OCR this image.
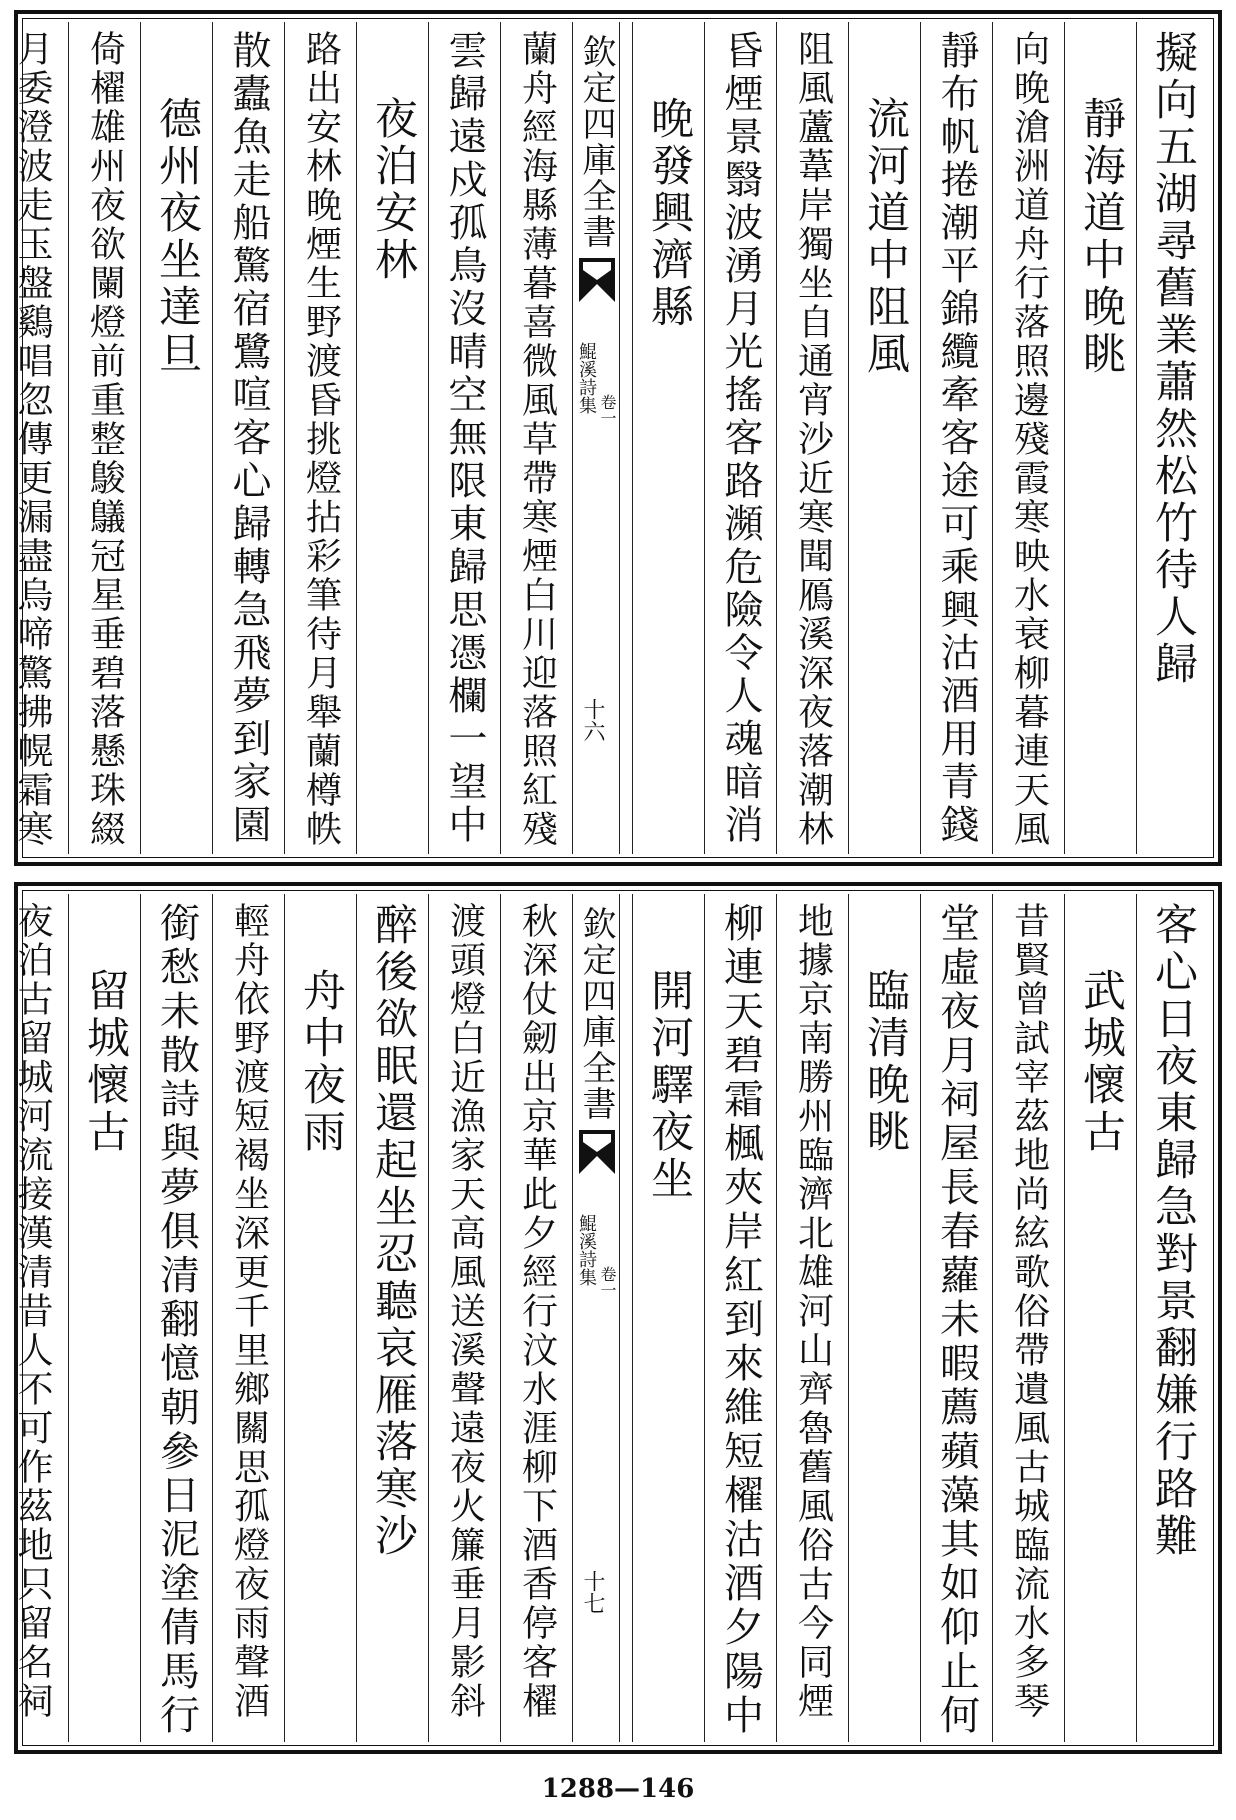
擬向五湖尋舊業蕭然松竹待人歸
靜海道中晚眺
向晚滄洲道舟行落照邊殘霞寒映水衰柳暮連天風
靜布帆捲潮平錦纜牽客途可乘興沽酒用青錢
流河道中阻風
阻風蘆葦岸獨坐自通宵沙近寒聞鴈溪深夜落潮林
昏煙景翳波湧月光搖客路瀕危險令人魂暗消
晚發興濟縣
欽定四庫全書
鯤溪詩集 卷一
十六
蘭舟經海縣薄暮喜微風草帶寒煙白川迎落照紅殘
雲歸遠戍孤鳥沒晴空無限東歸思憑欄一望中
夜泊安林
路出安林晚煙生野渡昏挑燈拈彩筆待月舉蘭樽帙
散蠹魚走船驚宿鷺喧客心歸轉急飛夢到家園
德州夜坐達旦
倚櫂雄州夜欲闌燈前重整鵔鸃冠星垂碧落懸珠綴
月委澄波走玉盤鷄唱忽傳更漏盡烏啼驚拂幌霜寒
客心日夜東歸急對景翻嫌行路難
武城懷古
昔賢曾試宰茲地尚絃歌俗帶遺風古城臨流水多琴
堂虛夜月祠屋長春蘿未暇薦蘋藻其如仰止何
臨清晚眺
地據京南勝州臨濟北雄河山齊魯舊風俗古今同煙
柳連天碧霜楓夾岸紅到來維短櫂沽酒夕陽中
開河驛夜坐
欽定四庫全書
鯤溪詩集 卷一
十七
秋深仗劒出京華此夕經行汶水涯柳下酒香停客櫂
渡頭燈白近漁家天高風送溪聲遠夜火簾垂月影斜
醉後欲眠還起坐忍聽哀雁落寒沙
舟中夜雨
輕舟依野渡短褐坐深更千里鄉關思孤燈夜雨聲酒
銜愁未散詩與夢俱清翻憶朝參日泥塗倩馬行
留城懷古
夜泊古留城河流接漢清昔人不可作茲地只留名祠
1288—146
